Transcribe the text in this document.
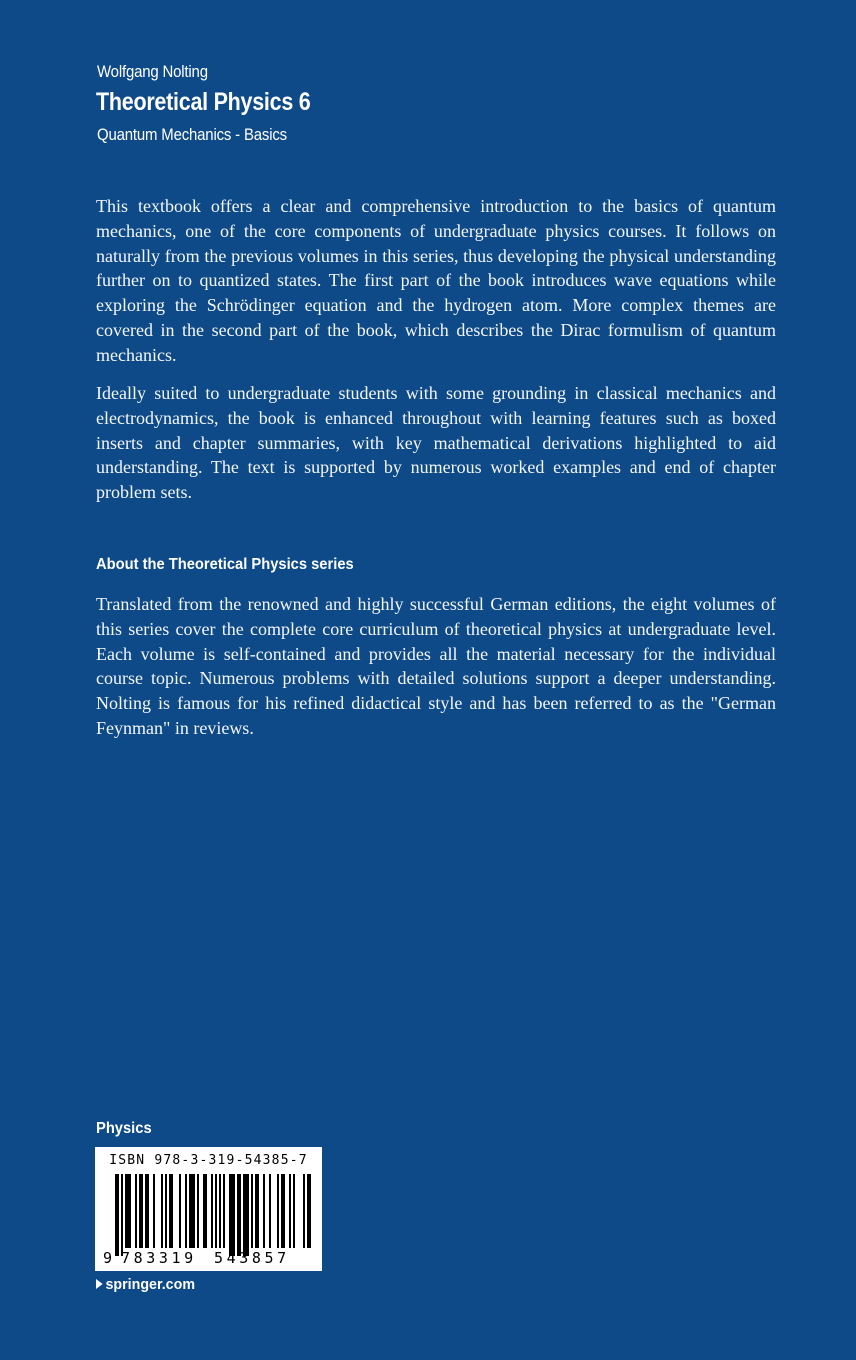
Wolfgang Nolting
Theoretical Physics 6
Quantum Mechanics - Basics

This textbook offers a clear and comprehensive introduction to the basics of quantum mechanics, one of the core components of undergraduate physics courses. It follows on naturally from the previous volumes in this series, thus developing the physical understanding further on to quantized states. The first part of the book introduces wave equations while exploring the Schrödinger equation and the hydrogen atom. More complex themes are covered in the second part of the book, which describes the Dirac formulism of quantum mechanics.

Ideally suited to undergraduate students with some grounding in classical mechanics and electrodynamics, the book is enhanced throughout with learning features such as boxed inserts and chapter summaries, with key mathematical derivations highlighted to aid understanding. The text is supported by numerous worked examples and end of chapter problem sets.

About the Theoretical Physics series

Translated from the renowned and highly successful German editions, the eight volumes of this series cover the complete core curriculum of theoretical physics at undergraduate level. Each volume is self-contained and provides all the material necessary for the individual course topic. Numerous problems with detailed solutions support a deeper understanding. Nolting is famous for his refined didactical style and has been referred to as the "German Feynman" in reviews.

Physics
ISBN 978-3-319-54385-7
9 783319 543857
springer.com
